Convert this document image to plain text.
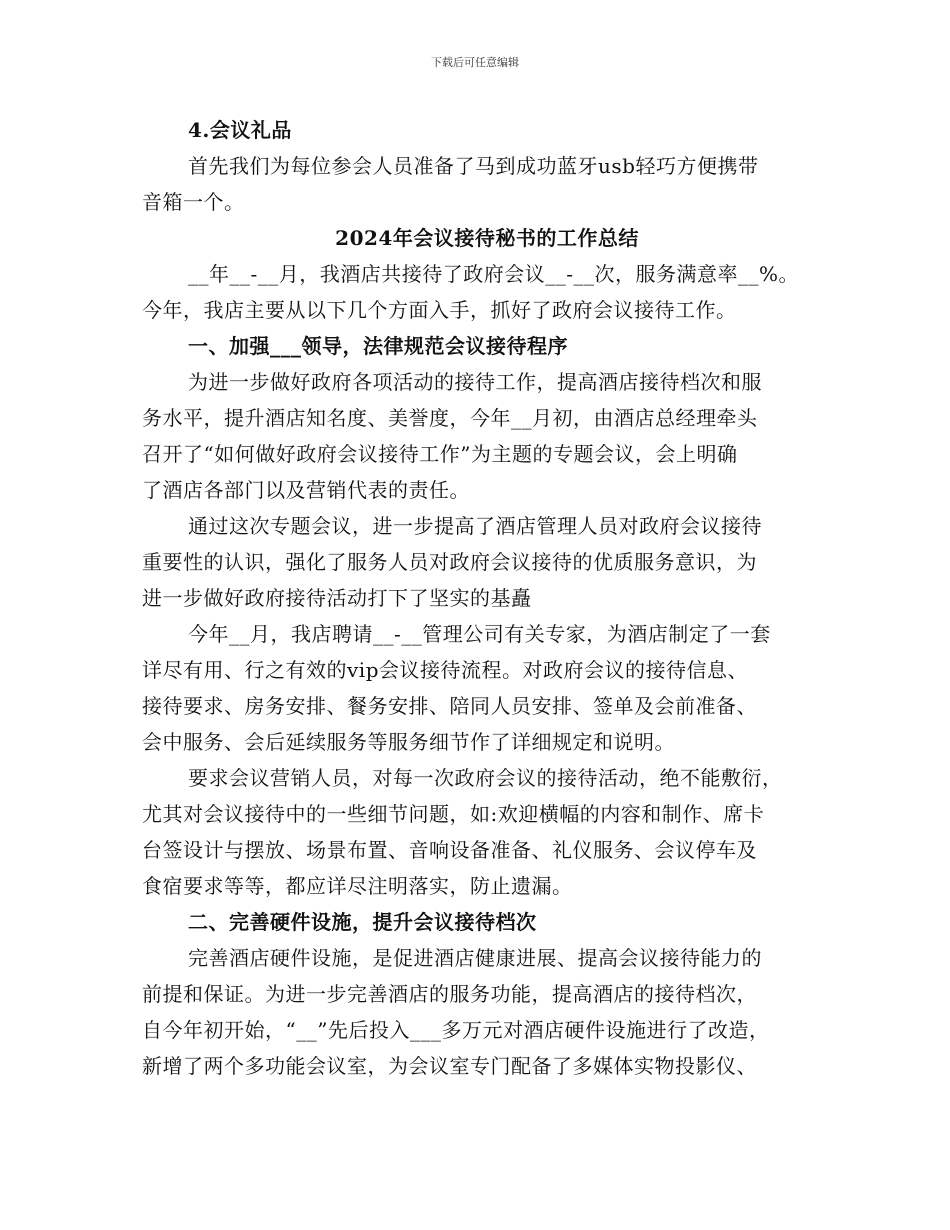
下载后可任意编辑
4.会议礼品
首先我们为每位参会人员准备了马到成功蓝牙usb轻巧方便携带
音箱一个。
2024年会议接待秘书的工作总结
__年__-__月，我酒店共接待了政府会议__-__次，服务满意率__%。
今年，我店主要从以下几个方面入手，抓好了政府会议接待工作。
一、加强___领导，法律规范会议接待程序
为进一步做好政府各项活动的接待工作，提高酒店接待档次和服
务水平，提升酒店知名度、美誉度，今年__月初，由酒店总经理牵头
召开了“如何做好政府会议接待工作”为主题的专题会议，会上明确
了酒店各部门以及营销代表的责任。
通过这次专题会议，进一步提高了酒店管理人员对政府会议接待
重要性的认识，强化了服务人员对政府会议接待的优质服务意识，为
进一步做好政府接待活动打下了坚实的基矗
今年__月，我店聘请__-__管理公司有关专家，为酒店制定了一套
详尽有用、行之有效的vip会议接待流程。对政府会议的接待信息、
接待要求、房务安排、餐务安排、陪同人员安排、签单及会前准备、
会中服务、会后延续服务等服务细节作了详细规定和说明。
要求会议营销人员，对每一次政府会议的接待活动，绝不能敷衍，
尤其对会议接待中的一些细节问题，如:欢迎横幅的内容和制作、席卡
台签设计与摆放、场景布置、音响设备准备、礼仪服务、会议停车及
食宿要求等等，都应详尽注明落实，防止遗漏。
二、完善硬件设施，提升会议接待档次
完善酒店硬件设施，是促进酒店健康进展、提高会议接待能力的
前提和保证。为进一步完善酒店的服务功能，提高酒店的接待档次，
自今年初开始，“__”先后投入___多万元对酒店硬件设施进行了改造，
新增了两个多功能会议室，为会议室专门配备了多媒体实物投影仪、
